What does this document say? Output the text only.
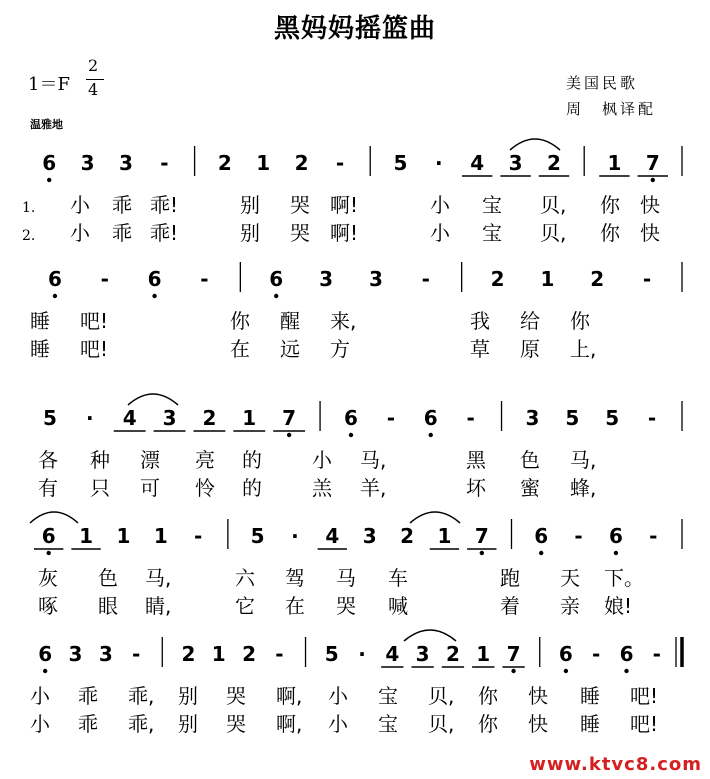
黑妈妈摇篮曲
1＝F
2
4
温雅地
美国民歌
周　枫译配
6 3 3 - 2 1 2 - 5 · 4 3 2 1 7
1. 小 乖 乖!	别 哭 啊!	小 宝 贝, 你 快
2. 小 乖 乖!	别 哭 啊!	小 宝 贝, 你 快
6 - 6 -	6 3 3 -	2 1 2 -
睡 吧!	你 醒 来,	我 给 你
睡 吧!	在 远 方	草 原 上,
5 · 4 3 2 1 7 6 - 6 -	3 5 5 -
各 种 漂 亮 的	小 马,	黑 色 马,
有 只 可 怜 的	羔 羊,	坏 蜜 蜂,
6 1 1 1 - 5 · 4 3 2 1 7 6 - 6 -
灰 色 马,	六 驾 马 车	跑 天 下。
啄 眼 睛,	它 在 哭 喊	着 亲 娘!
6 3 3 - 2 1 2 - 5 · 4 3 2 1 7 6 - 6 -
小 乖 乖, 别 哭 啊, 小 宝 贝, 你 快 睡 吧!
小 乖 乖, 别 哭 啊, 小 宝 贝, 你 快 睡 吧!
www.ktvc8.com
